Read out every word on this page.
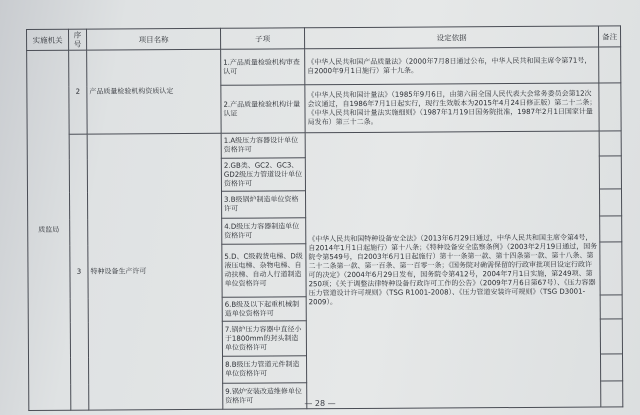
实施机关	序号	项目名称	子项	设定依据	备注
质监局	2	产品质量检验机构资质认定	1.产品质量检验机构审查认可	《中华人民共和国产品质量法》（2000年7月8日通过公布，中华人民共和国主席令第71号，自2000年9月1日施行）第十九条。	
			2.产品质量检验机构计量认证	《中华人民共和国计量法》（1985年9月6日，由第六届全国人民代表大会常务委员会第12次会议通过，自1986年7月1日起实行，现行生效版本为2015年4月24日修正版）第二十二条；《中华人民共和国计量法实施细则》（1987年1月19日国务院批准，1987年2月1日国家计量局发布）第三十二条。	
	3	特种设备生产许可	1.A级压力容器设计单位资格许可	《中华人民共和国特种设备安全法》（2013年6月29日通过，中华人民共和国主席令第4号，自2014年1月1日起施行）第十八条；《特种设备安全监察条例》（2003年2月19日通过，国务院令第549号，自2003年6月1日起施行）第十一条第一款、第十四条第一款、第十八条、第二十二条第一款、第一百条、第一百零一条；《国务院对确需保留的行政审批项目设定行政许可的决定》（2004年6月29日发布，国务院令第412号，2004年7月1日实施，第249项、第250项；《关于调整法律特种设备行政许可工作的公告》（2009年7月6日第67号）、《压力容器压力管道设计许可规则》（TSG R1001-2008）、《压力管道安装许可规则》（TSG D3001-2009）。	
			2.GB类、GC2、GC3、GD2级压力管道设计单位资格许可		
			3.B级锅炉制造单位资格许可		
			4.D级压力容器制造单位资格许可		
			5.D、C级载货电梯、D级液压电梯、杂物电梯、自动扶梯、自动人行道制造单位资格许可		
			6.B级及以下起重机械制造单位资格许可		
			7.锅炉压力容器中直径小于1800mm的封头制造单位资格许可		
			8.B级压力管道元件制造单位资格许可		
			9.锅炉安装改造维修单位资格许可			— 28 —
